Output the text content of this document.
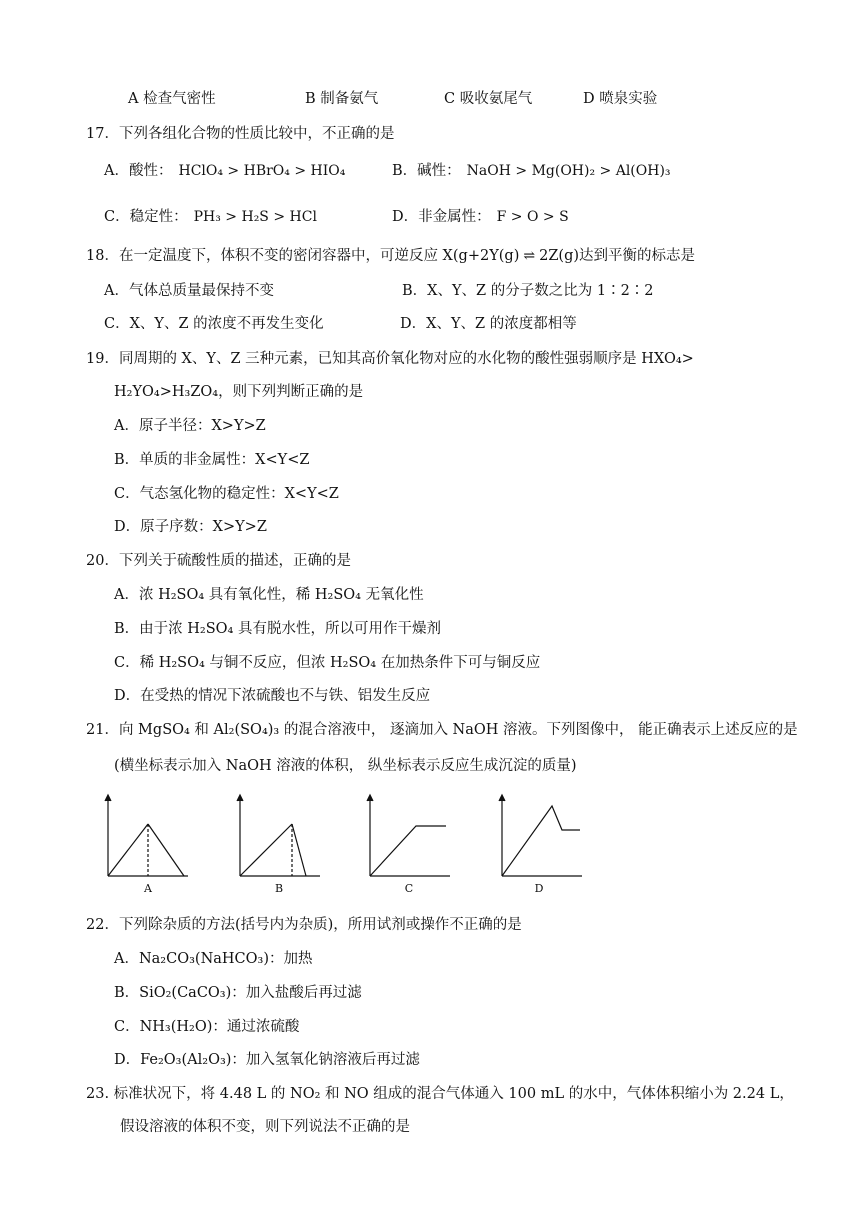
A 检查气密性	B 制备氨气	C 吸收氨尾气	D 喷泉实验
17．下列各组化合物的性质比较中，不正确的是
A．酸性： HClO₄ > HBrO₄ > HIO₄	B．碱性： NaOH > Mg(OH)₂ > Al(OH)₃
C．稳定性： PH₃ > H₂S > HCl	D．非金属性： F > O > S
18．在一定温度下，体积不变的密闭容器中，可逆反应 X(g+2Y(g) ⇌ 2Z(g)达到平衡的标志是
A．气体总质量最保持不变	B．X、Y、Z 的分子数之比为 1∶2∶2
C．X、Y、Z 的浓度不再发生变化	D．X、Y、Z 的浓度都相等
19．同周期的 X、Y、Z 三种元素，已知其高价氧化物对应的水化物的酸性强弱顺序是 HXO₄>
H₂YO₄>H₃ZO₄，则下列判断正确的是
A．原子半径：X>Y>Z
B．单质的非金属性：X<Y<Z
C．气态氢化物的稳定性：X<Y<Z
D．原子序数：X>Y>Z
20．下列关于硫酸性质的描述，正确的是
A．浓 H₂SO₄ 具有氧化性，稀 H₂SO₄ 无氧化性
B．由于浓 H₂SO₄ 具有脱水性，所以可用作干燥剂
C．稀 H₂SO₄ 与铜不反应，但浓 H₂SO₄ 在加热条件下可与铜反应
D．在受热的情况下浓硫酸也不与铁、铝发生反应
21．向 MgSO₄ 和 Al₂(SO₄)₃ 的混合溶液中， 逐滴加入 NaOH 溶液。下列图像中， 能正确表示上述反应的是
(横坐标表示加入 NaOH 溶液的体积， 纵坐标表示反应生成沉淀的质量)
A	B	C	D
22．下列除杂质的方法(括号内为杂质)，所用试剂或操作不正确的是
A．Na₂CO₃(NaHCO₃)：加热
B．SiO₂(CaCO₃)：加入盐酸后再过滤
C．NH₃(H₂O)：通过浓硫酸
D．Fe₂O₃(Al₂O₃)：加入氢氧化钠溶液后再过滤
23. 标准状况下，将 4.48 L 的 NO₂ 和 NO 组成的混合气体通入 100 mL 的水中，气体体积缩小为 2.24 L，
假设溶液的体积不变，则下列说法不正确的是
